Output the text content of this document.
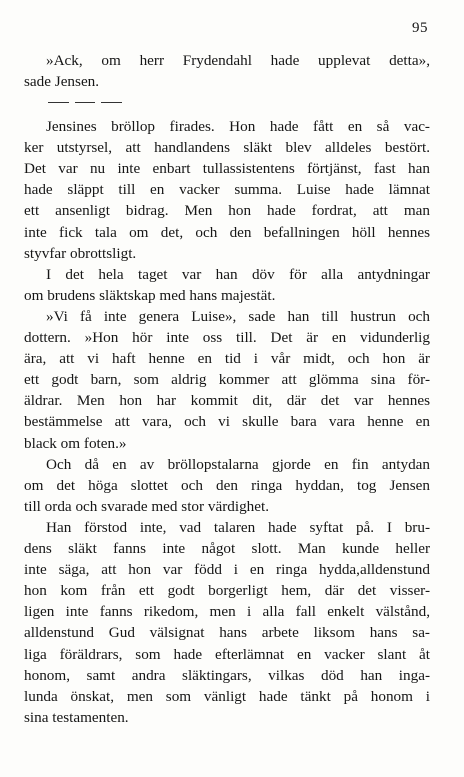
95
»Ack, om herr Frydendahl hade upplevat detta»,
sade Jensen.
Jensines bröllop firades. Hon hade fått en så vac-
ker utstyrsel, att handlandens släkt blev alldeles bestört.
Det var nu inte enbart tullassistentens förtjänst, fast han
hade släppt till en vacker summa. Luise hade lämnat
ett ansenligt bidrag. Men hon hade fordrat, att man
inte fick tala om det, och den befallningen höll hennes
styvfar obrottsligt.
I det hela taget var han döv för alla antydningar
om brudens släktskap med hans majestät.
»Vi få inte genera Luise», sade han till hustrun och
dottern. »Hon hör inte oss till. Det är en vidunderlig
ära, att vi haft henne en tid i vår midt, och hon är
ett godt barn, som aldrig kommer att glömma sina för-
äldrar. Men hon har kommit dit, där det var hennes
bestämmelse att vara, och vi skulle bara vara henne en
black om foten.»
Och då en av bröllopstalarna gjorde en fin antydan
om det höga slottet och den ringa hyddan, tog Jensen
till orda och svarade med stor värdighet.
Han förstod inte, vad talaren hade syftat på. I bru-
dens släkt fanns inte något slott. Man kunde heller
inte säga, att hon var född i en ringa hydda,alldenstund
hon kom från ett godt borgerligt hem, där det visser-
ligen inte fanns rikedom, men i alla fall enkelt välstånd,
alldenstund Gud välsignat hans arbete liksom hans sa-
liga föräldrars, som hade efterlämnat en vacker slant åt
honom, samt andra släktingars, vilkas död han inga-
lunda önskat, men som vänligt hade tänkt på honom i
sina testamenten.
